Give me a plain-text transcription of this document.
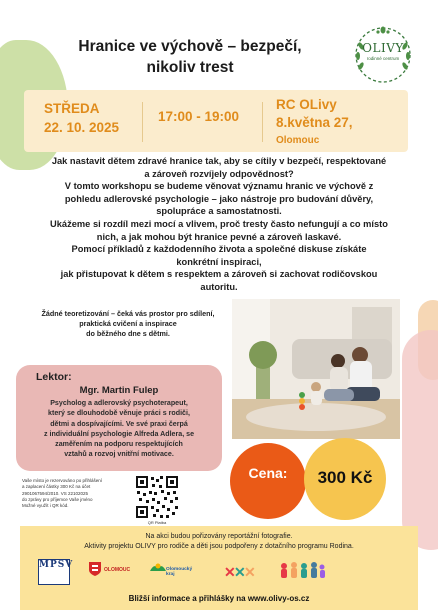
Hranice ve výchově – bezpečí,
nikoliv trest
OLIVY
rodinné centrum
STŘEDA
22. 10. 2025
17:00 - 19:00
RC OLivy
8.května 27,
Olomouc
Jak nastavit dětem zdravé hranice tak, aby se cítily v bezpečí, respektované
a zároveň rozvíjely odpovědnost?
V tomto workshopu se budeme věnovat významu hranic ve výchově z
pohledu adlerovské psychologie – jako nástroje pro budování důvěry,
spolupráce a samostatnosti.
Ukážeme si rozdíl mezi mocí a vlivem, proč tresty často nefungují a co místo
nich, a jak mohou být hranice pevné a zároveň laskavé.
Pomocí příkladů z každodenního života a společné diskuse získáte
konkrétní inspiraci,
jak přistupovat k dětem s respektem a zároveň si zachovat rodičovskou
autoritu.
Žádné teoretizování – čeká vás prostor pro sdílení,
praktická cvičení a inspirace
do běžného dne s dětmi.
Lektor:
Mgr. Martin Fulep
Psycholog a adlerovský psychoterapeut,
který se dlouhodobě věnuje práci s rodiči,
dětmi a dospívajícími. Ve své praxi čerpá
z individuální psychologie Alfreda Adlera, se
zaměřením na podporu respektujících
vztahů a rozvoj vnitřní motivace.
Vaše místo je rezervováno po přihlášení
a zaplacení částky 300 Kč na účet
2901067594/2010. VS 22102025
do zprávy pro příjemce Vaše jméno
Možné využít i QR kód.
QR Platba
Cena:	300 Kč
Na akci budou pořizovány reportážní fotografie.
Aktivity projektu OLIVY pro rodiče a děti jsou podpořeny z dotačního programu Rodina.
MPSV	OLOMOUC	Olomoucký kraj	✕
✕
✕
Bližší informace a přihlášky na www.olivy-os.cz
